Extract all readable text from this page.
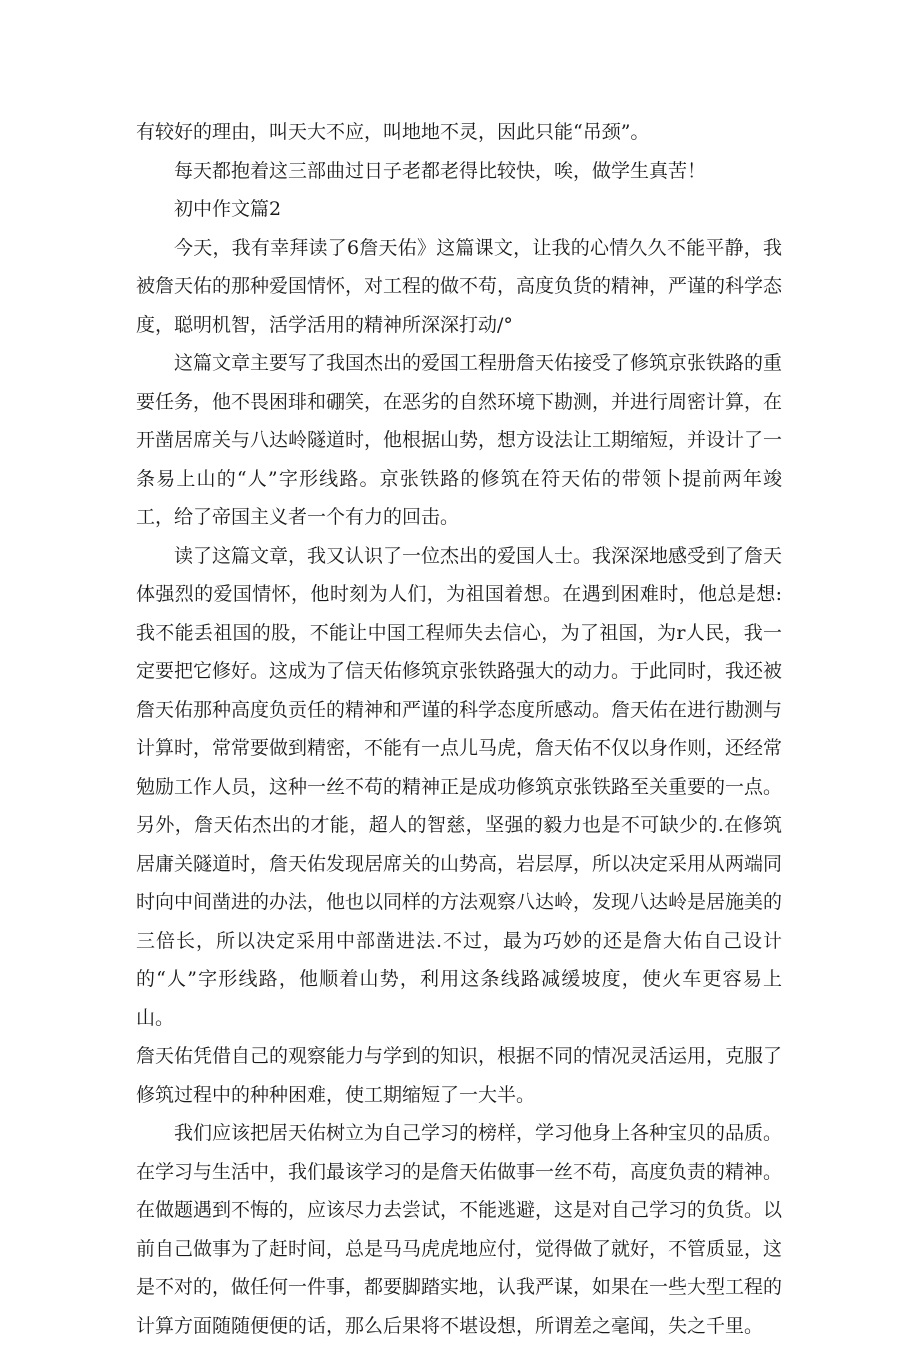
有较好的理由，叫天大不应，叫地地不灵，因此只能“吊颈”。

每天都抱着这三部曲过日子老都老得比较快，唉，做学生真苦！

初中作文篇2

今天，我有幸拜读了6詹天佑》这篇课文，让我的心情久久不能平静，我被詹天佑的那种爱国情怀，对工程的做不苟，高度负货的精神，严谨的科学态度，聪明机智，活学活用的精神所深深打动/°

这篇文章主要写了我国杰出的爱国工程册詹天佑接受了修筑京张铁路的重要任务，他不畏困琲和硼笑，在恶劣的自然环境下勘测，并进行周密计算，在开凿居席关与八达岭隧道时，他根据山势，想方设法让工期缩短，并设计了一条易上山的“人”字形线路。京张铁路的修筑在符天佑的带领卜提前两年竣工，给了帝国主义者一个有力的回击。

读了这篇文章，我又认识了一位杰出的爱国人士。我深深地感受到了詹天体强烈的爱国情怀，他时刻为人们，为祖国着想。在遇到困难时，他总是想:我不能丢祖国的股，不能让中国工程师失去信心，为了祖国，为r人民，我一定要把它修好。这成为了信天佑修筑京张铁路强大的动力。于此同时，我还被詹天佑那种高度负贡任的精神和严谨的科学态度所感动。詹天佑在进行勘测与计算时，常常要做到精密，不能有一点儿马虎，詹天佑不仅以身作则，还经常勉励工作人员，这种一丝不苟的精神正是成功修筑京张铁路至关重要的一点。另外，詹天佑杰出的才能，超人的智慈，坚强的毅力也是不可缺少的.在修筑居庸关隧道时，詹天佑发现居席关的山势高，岩层厚，所以决定采用从两端同时向中间凿进的办法，他也以同样的方法观察八达岭，发现八达岭是居施美的三倍长，所以决定采用中部凿进法.不过，最为巧妙的还是詹大佑自己设计的“人”字形线路，他顺着山势，利用这条线路减缓坡度，使火车更容易上山。

詹天佑凭借自己的观察能力与学到的知识，根据不同的情况灵活运用，克服了修筑过程中的种种困难，使工期缩短了一大半。

我们应该把居天佑树立为自己学习的榜样，学习他身上各种宝贝的品质。在学习与生活中，我们最该学习的是詹天佑做事一丝不苟，高度负责的精神。在做题遇到不悔的，应该尽力去尝试，不能逃避，这是对自己学习的负货。以前自己做事为了赶时间，总是马马虎虎地应付，觉得做了就好，不管质显，这是不对的，做任何一件事，都要脚踏实地，认我严谋，如果在一些大型工程的计算方面随随便便的话，那么后果将不堪设想，所谓差之毫闻，失之千里。
